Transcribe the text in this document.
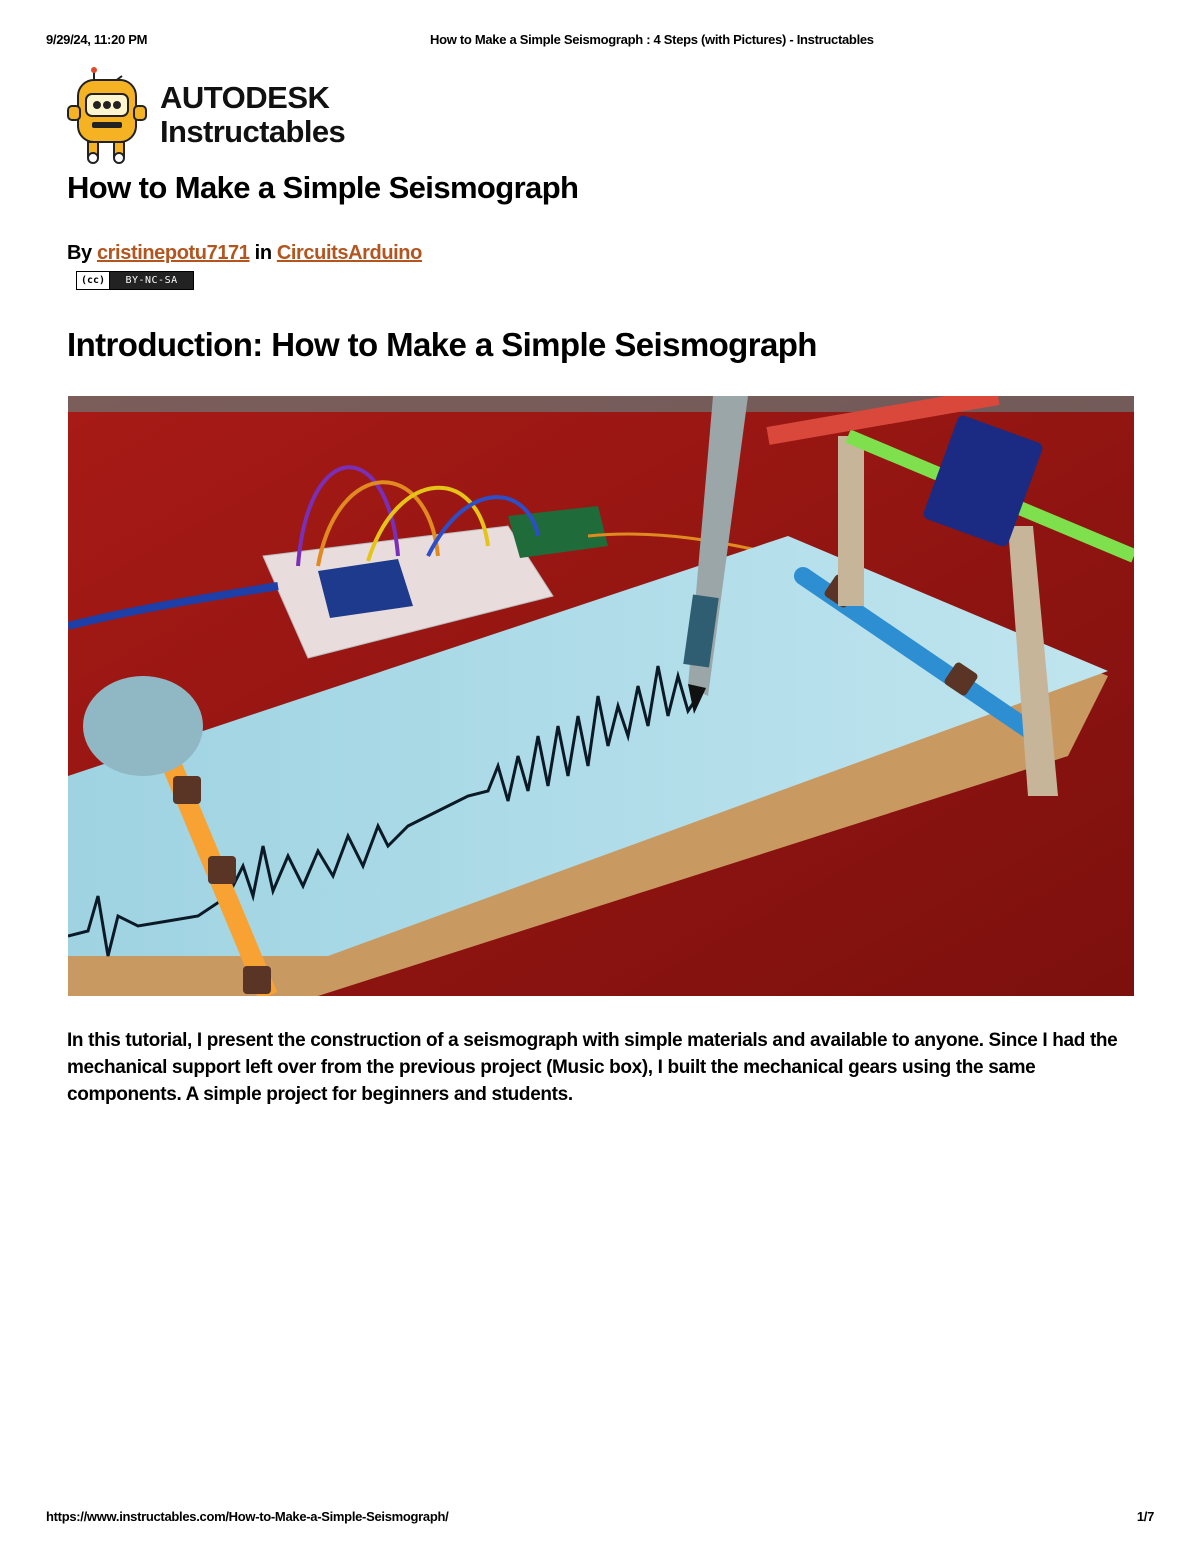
9/29/24, 11:20 PM	How to Make a Simple Seismograph : 4 Steps (with Pictures) - Instructables
AUTODESK
Instructables
How to Make a Simple Seismograph
By cristinepotu7171 in CircuitsArduino
(cc)	BY-NC-SA
Introduction: How to Make a Simple Seismograph
In this tutorial, I present the construction of a seismograph with simple materials and available to anyone. Since I had the mechanical support left over from the previous project (Music box), I built the mechanical gears using the same components. A simple project for beginners and students.
https://www.instructables.com/How-to-Make-a-Simple-Seismograph/	1/7
